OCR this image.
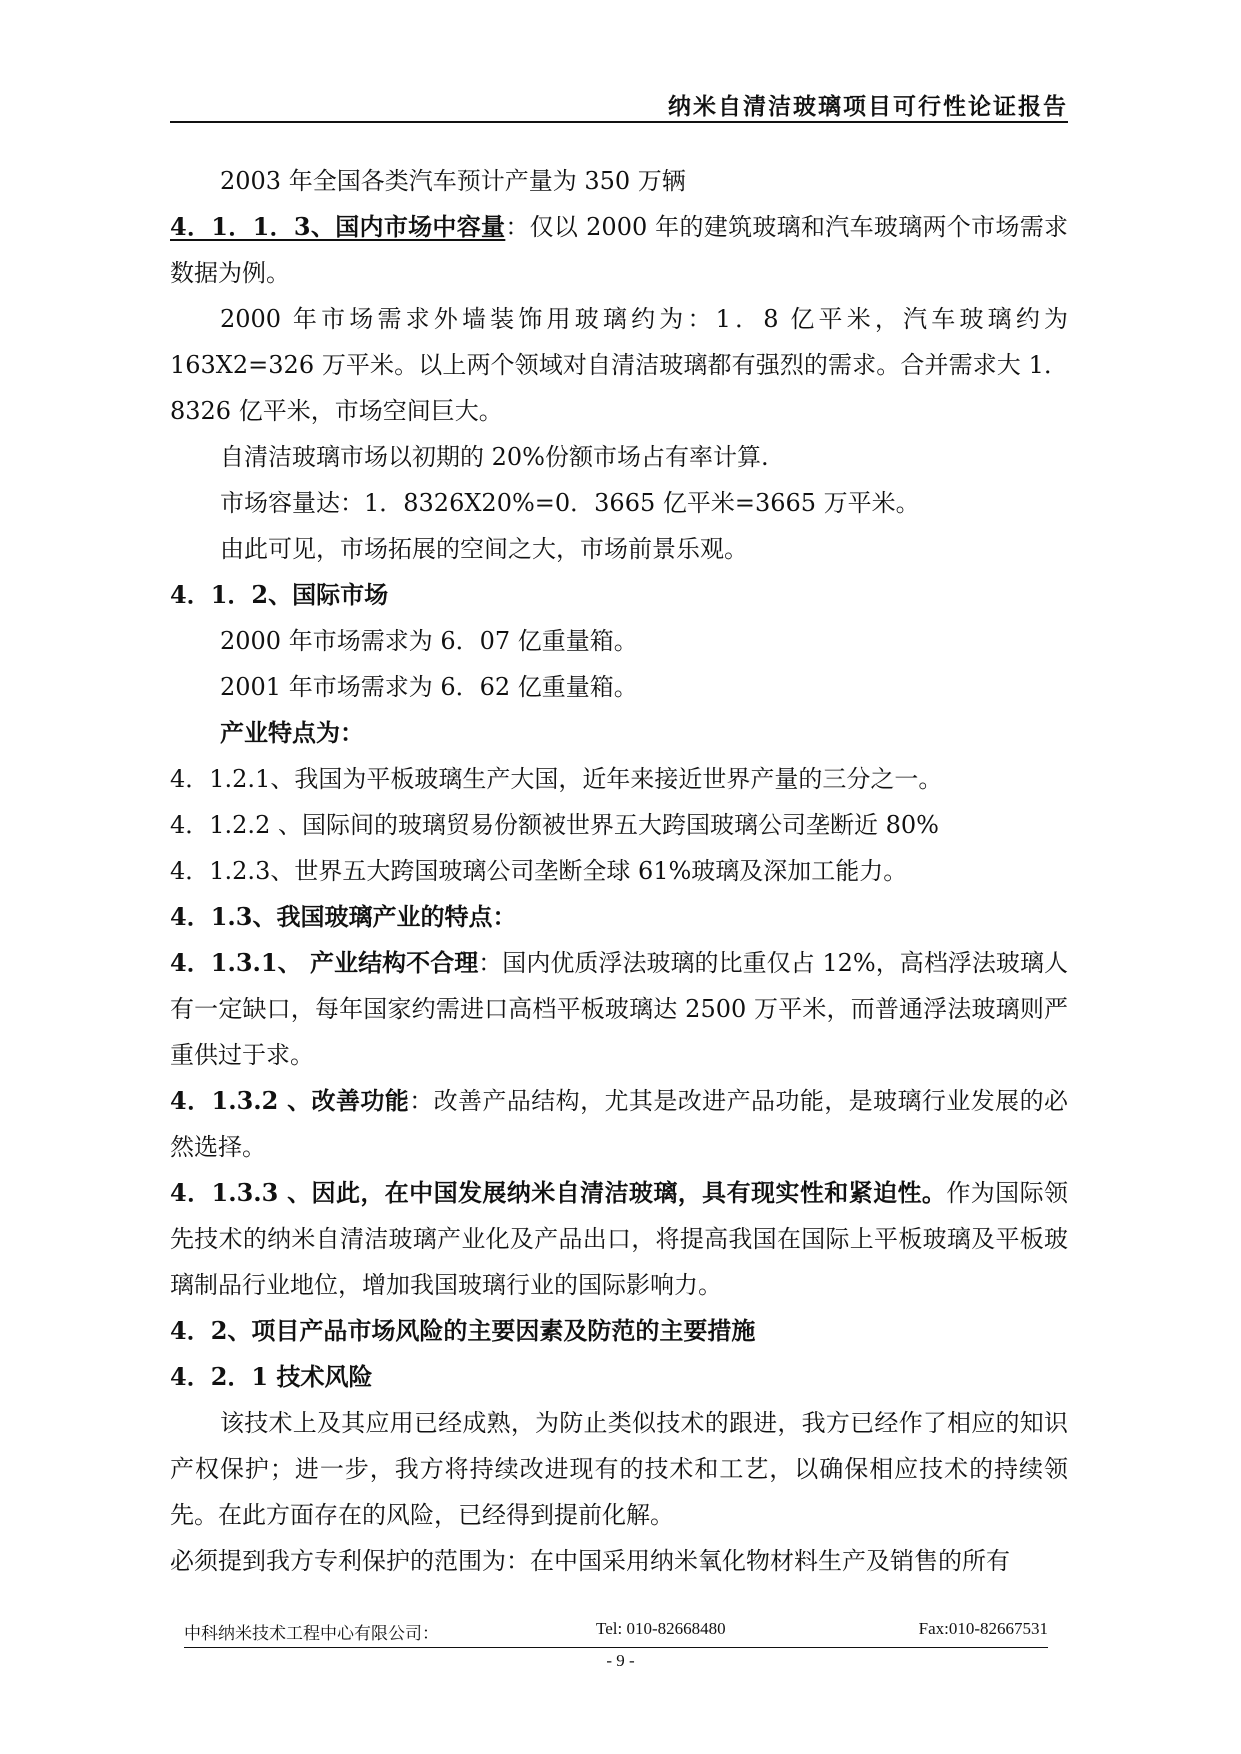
纳米自清洁玻璃项目可行性论证报告

2003 年全国各类汽车预计产量为 350 万辆

4．1．1．3、国内市场中容量：仅以 2000 年的建筑玻璃和汽车玻璃两个市场需求数据为例。

2000 年市场需求外墙装饰用玻璃约为：1．8 亿平米，汽车玻璃约为 163X2=326 万平米。以上两个领域对自清洁玻璃都有强烈的需求。合并需求大 1．8326 亿平米，市场空间巨大。

自清洁玻璃市场以初期的 20%份额市场占有率计算.

市场容量达：1．8326X20%=0．3665 亿平米=3665 万平米。

由此可见，市场拓展的空间之大，市场前景乐观。

4．1．2、国际市场

2000 年市场需求为 6．07 亿重量箱。

2001 年市场需求为 6．62 亿重量箱。

产业特点为：

4．1.2.1、我国为平板玻璃生产大国，近年来接近世界产量的三分之一。

4．1.2.2 、国际间的玻璃贸易份额被世界五大跨国玻璃公司垄断近 80%

4．1.2.3、世界五大跨国玻璃公司垄断全球 61%玻璃及深加工能力。

4．1.3、我国玻璃产业的特点：

4．1.3.1、 产业结构不合理：国内优质浮法玻璃的比重仅占 12%，高档浮法玻璃人有一定缺口，每年国家约需进口高档平板玻璃达 2500 万平米，而普通浮法玻璃则严重供过于求。

4．1.3.2 、改善功能：改善产品结构，尤其是改进产品功能，是玻璃行业发展的必然选择。

4．1.3.3 、因此，在中国发展纳米自清洁玻璃，具有现实性和紧迫性。作为国际领先技术的纳米自清洁玻璃产业化及产品出口，将提高我国在国际上平板玻璃及平板玻璃制品行业地位，增加我国玻璃行业的国际影响力。

4．2、项目产品市场风险的主要因素及防范的主要措施

4．2．1 技术风险

该技术上及其应用已经成熟，为防止类似技术的跟进，我方已经作了相应的知识产权保护；进一步，我方将持续改进现有的技术和工艺，以确保相应技术的持续领先。在此方面存在的风险，已经得到提前化解。

必须提到我方专利保护的范围为：在中国采用纳米氧化物材料生产及销售的所有

中科纳米技术工程中心有限公司：	Tel: 010-82668480	Fax:010-82667531
- 9 -
